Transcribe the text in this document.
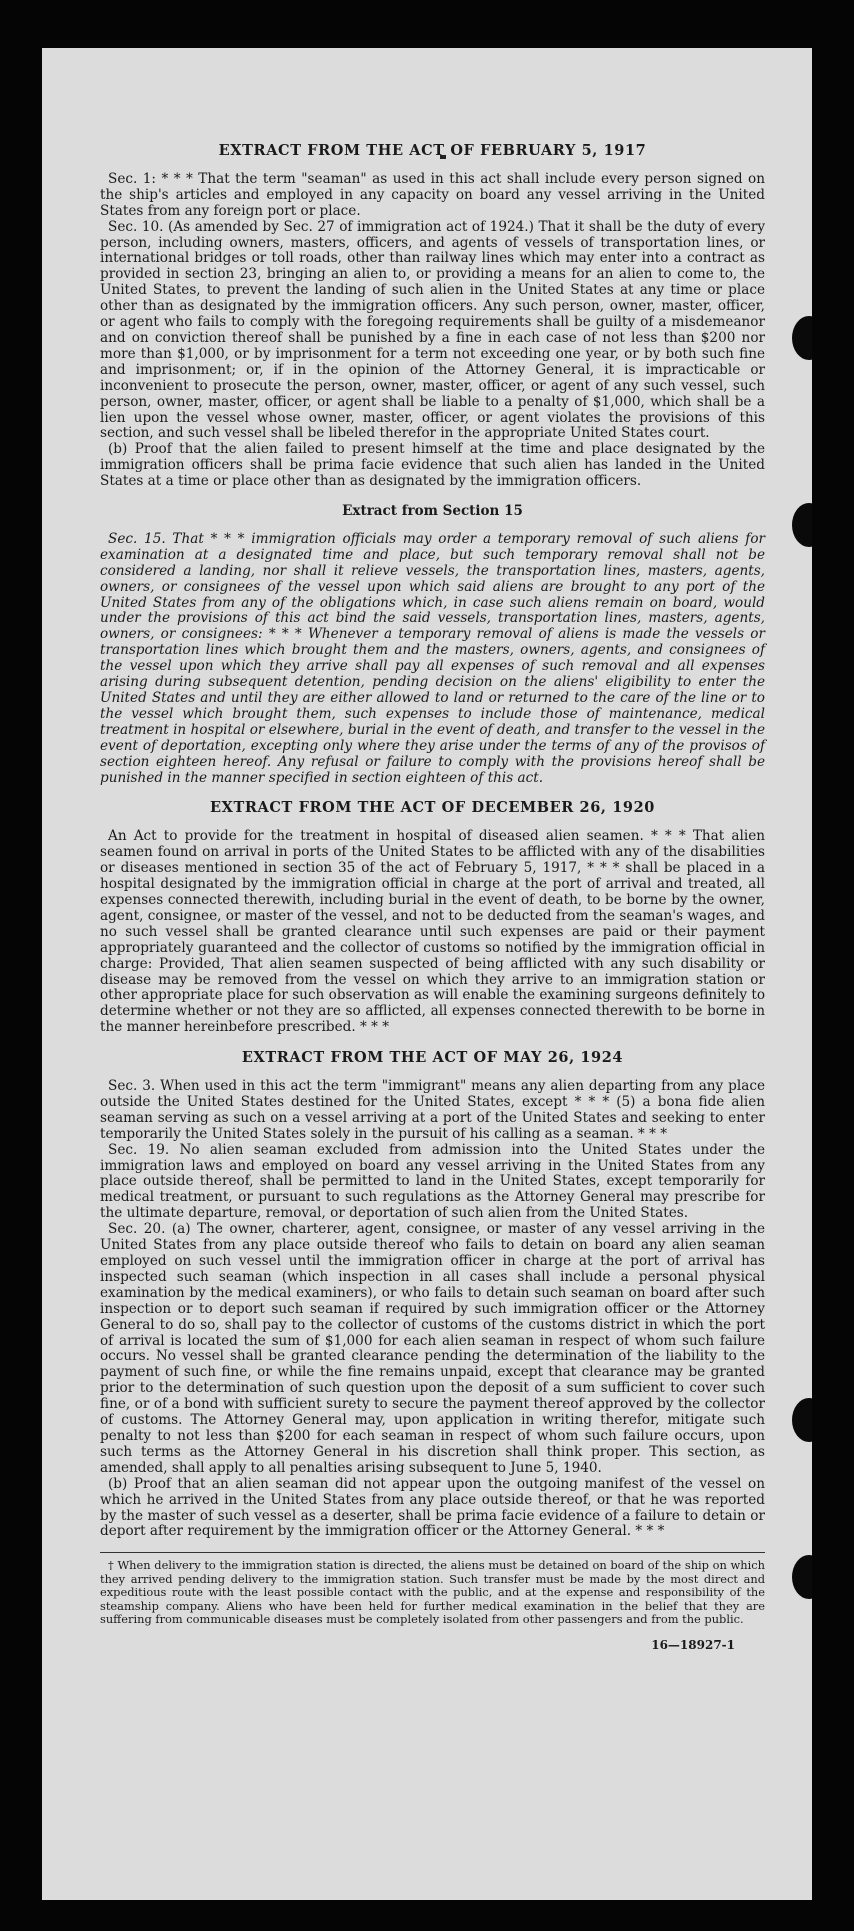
EXTRACT FROM THE ACT OF FEBRUARY 5, 1917

Sec. 1: * * * That the term "seaman" as used in this act shall include every person signed on the ship's articles and employed in any capacity on board any vessel arriving in the United States from any foreign port or place.

Sec. 10. (As amended by Sec. 27 of immigration act of 1924.) That it shall be the duty of every person, including owners, masters, officers, and agents of vessels of transportation lines, or international bridges or toll roads, other than railway lines which may enter into a contract as provided in section 23, bringing an alien to, or providing a means for an alien to come to, the United States, to prevent the landing of such alien in the United States at any time or place other than as designated by the immigration officers. Any such person, owner, master, officer, or agent who fails to comply with the foregoing requirements shall be guilty of a misdemeanor and on conviction thereof shall be punished by a fine in each case of not less than $200 nor more than $1,000, or by imprisonment for a term not exceeding one year, or by both such fine and imprisonment; or, if in the opinion of the Attorney General, it is impracticable or inconvenient to prosecute the person, owner, master, officer, or agent of any such vessel, such person, owner, master, officer, or agent shall be liable to a penalty of $1,000, which shall be a lien upon the vessel whose owner, master, officer, or agent violates the provisions of this section, and such vessel shall be libeled therefor in the appropriate United States court.

(b) Proof that the alien failed to present himself at the time and place designated by the immigration officers shall be prima facie evidence that such alien has landed in the United States at a time or place other than as designated by the immigration officers.

Extract from Section 15

Sec. 15. That * * * immigration officials may order a temporary removal of such aliens for examination at a designated time and place, but such temporary removal shall not be considered a landing, nor shall it relieve vessels, the transportation lines, masters, agents, owners, or consignees of the vessel upon which said aliens are brought to any port of the United States from any of the obligations which, in case such aliens remain on board, would under the provisions of this act bind the said vessels, transportation lines, masters, agents, owners, or consignees: * * * Whenever a temporary removal of aliens is made the vessels or transportation lines which brought them and the masters, owners, agents, and consignees of the vessel upon which they arrive shall pay all expenses of such removal and all expenses arising during subsequent detention, pending decision on the aliens' eligibility to enter the United States and until they are either allowed to land or returned to the care of the line or to the vessel which brought them, such expenses to include those of maintenance, medical treatment in hospital or elsewhere, burial in the event of death, and transfer to the vessel in the event of deportation, excepting only where they arise under the terms of any of the provisos of section eighteen hereof. Any refusal or failure to comply with the provisions hereof shall be punished in the manner specified in section eighteen of this act.

EXTRACT FROM THE ACT OF DECEMBER 26, 1920

An Act to provide for the treatment in hospital of diseased alien seamen. * * * That alien seamen found on arrival in ports of the United States to be afflicted with any of the disabilities or diseases mentioned in section 35 of the act of February 5, 1917, * * * shall be placed in a hospital designated by the immigration official in charge at the port of arrival and treated, all expenses connected therewith, including burial in the event of death, to be borne by the owner, agent, consignee, or master of the vessel, and not to be deducted from the seaman's wages, and no such vessel shall be granted clearance until such expenses are paid or their payment appropriately guaranteed and the collector of customs so notified by the immigration official in charge: Provided, That alien seamen suspected of being afflicted with any such disability or disease may be removed from the vessel on which they arrive to an immigration station or other appropriate place for such observation as will enable the examining surgeons definitely to determine whether or not they are so afflicted, all expenses connected therewith to be borne in the manner hereinbefore prescribed. * * *

EXTRACT FROM THE ACT OF MAY 26, 1924

Sec. 3. When used in this act the term "immigrant" means any alien departing from any place outside the United States destined for the United States, except * * * (5) a bona fide alien seaman serving as such on a vessel arriving at a port of the United States and seeking to enter temporarily the United States solely in the pursuit of his calling as a seaman. * * *

Sec. 19. No alien seaman excluded from admission into the United States under the immigration laws and employed on board any vessel arriving in the United States from any place outside thereof, shall be permitted to land in the United States, except temporarily for medical treatment, or pursuant to such regulations as the Attorney General may prescribe for the ultimate departure, removal, or deportation of such alien from the United States.

Sec. 20. (a) The owner, charterer, agent, consignee, or master of any vessel arriving in the United States from any place outside thereof who fails to detain on board any alien seaman employed on such vessel until the immigration officer in charge at the port of arrival has inspected such seaman (which inspection in all cases shall include a personal physical examination by the medical examiners), or who fails to detain such seaman on board after such inspection or to deport such seaman if required by such immigration officer or the Attorney General to do so, shall pay to the collector of customs of the customs district in which the port of arrival is located the sum of $1,000 for each alien seaman in respect of whom such failure occurs. No vessel shall be granted clearance pending the determination of the liability to the payment of such fine, or while the fine remains unpaid, except that clearance may be granted prior to the determination of such question upon the deposit of a sum sufficient to cover such fine, or of a bond with sufficient surety to secure the payment thereof approved by the collector of customs. The Attorney General may, upon application in writing therefor, mitigate such penalty to not less than $200 for each seaman in respect of whom such failure occurs, upon such terms as the Attorney General in his discretion shall think proper. This section, as amended, shall apply to all penalties arising subsequent to June 5, 1940.

(b) Proof that an alien seaman did not appear upon the outgoing manifest of the vessel on which he arrived in the United States from any place outside thereof, or that he was reported by the master of such vessel as a deserter, shall be prima facie evidence of a failure to detain or deport after requirement by the immigration officer or the Attorney General. * * *

† When delivery to the immigration station is directed, the aliens must be detained on board of the ship on which they arrived pending delivery to the immigration station. Such transfer must be made by the most direct and expeditious route with the least possible contact with the public, and at the expense and responsibility of the steamship company. Aliens who have been held for further medical examination in the belief that they are suffering from communicable diseases must be completely isolated from other passengers and from the public.
16—18927-1
